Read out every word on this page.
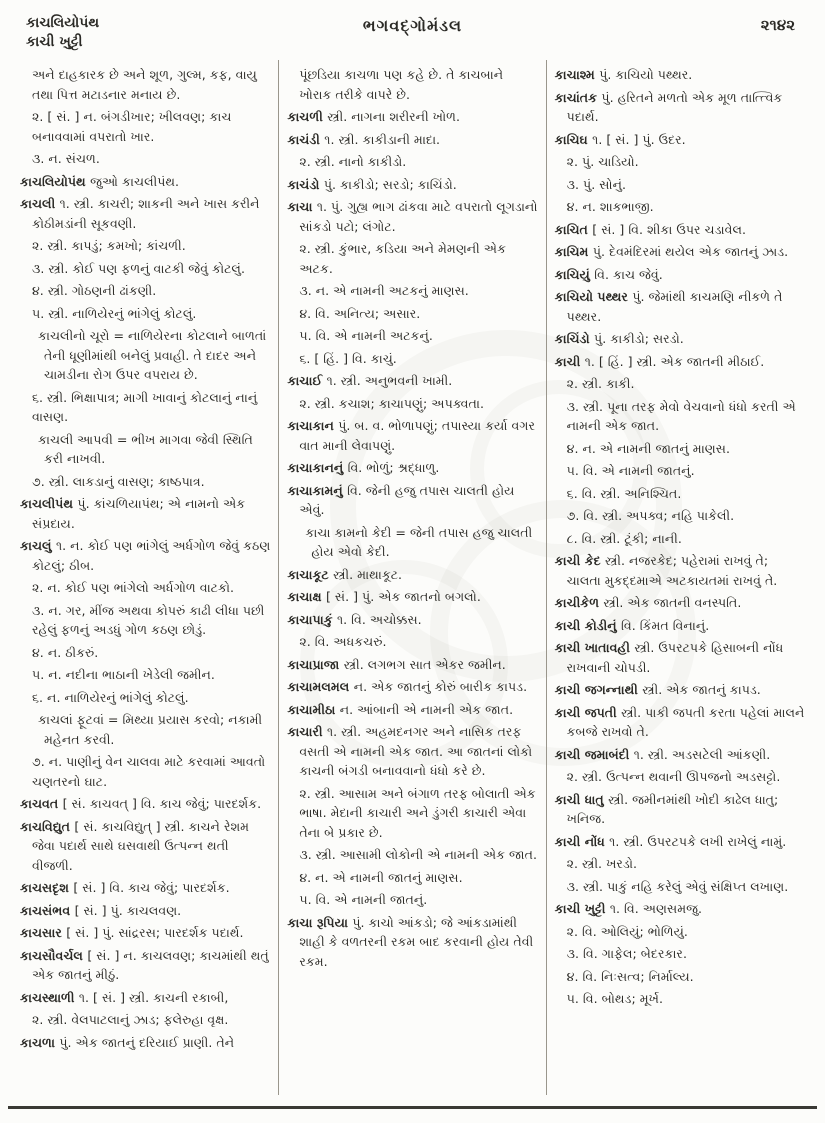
કાચલિયોપંથ
કાચી ખુટ્ટી
ભગવદ્ગોમંડલ	૨૧૪૨

અને દાહકારક છે અને શૂળ, ગુલ્મ, કફ, વાયુ તથા પિત્ત મટાડનાર મનાય છે.

૨. [ સં. ] ન. બંગડીખાર; ખીલવણ; કાચ બનાવવામાં વપરાતો ખાર.

૩. ન. સંચળ.

કાચલિયોપંથ જુઓ કાચલીપંથ.

કાચલી ૧. સ્ત્રી. કાચરી; શાકની અને ખાસ કરીને કોઠીમડાંની સૂકવણી.

૨. સ્ત્રી. કાપડું; કમખો; કાંચળી.

૩. સ્ત્રી. કોઈ પણ ફળનું વાટકી જેવું કોટલું.

૪. સ્ત્રી. ગોઠણની ઢાંકણી.

૫. સ્ત્રી. નાળિયેરનું ભાંગેલું કોટલું.

કાચલીનો ચૂરો = નાળિયેરના કોટલાને બાળતાં તેની ધૂણીમાંથી બનેલું પ્રવાહી. તે દાદર અને ચામડીના રોગ ઉપર વપરાય છે.

૬. સ્ત્રી. ભિક્ષાપાત્ર; માગી ખાવાનું કોટલાનું નાનું વાસણ.

કાચલી આપવી = ભીખ માગવા જેવી સ્થિતિ કરી નાખવી.

૭. સ્ત્રી. લાકડાનું વાસણ; કાષ્ઠપાત્ર.

કાચલીપંથ પું. કાંચળિયાપંથ; એ નામનો એક સંપ્રદાય.

કાચલું ૧. ન. કોઈ પણ ભાંગેલું અર્ધગોળ જેવું કઠણ કોટલું; ઠીબ.

૨. ન. કોઈ પણ ભાંગેલો અર્ધગોળ વાટકો.

૩. ન. ગર, મીંજ અથવા કોપરું કાઢી લીધા પછી રહેલું ફળનું અડધું ગોળ કઠણ છોડું.

૪. ન. ઠીકરું.

૫. ન. નદીના ભાઠાની ખેડેલી જમીન.

૬. ન. નાળિયેરનું ભાંગેલું કોટલું.

કાચલાં ફૂટવાં = મિથ્યા પ્રયાસ કરવો; નકામી મહેનત કરવી.

૭. ન. પાણીનું વેન ચાલવા માટે કરવામાં આવતો ચણતરનો ઘાટ.

કાચવત [ સં. કાચવત્ ] વિ. કાચ જેવું; પારદર્શક.

કાચવિદ્યુત [ સં. કાચવિદ્યુત્ ] સ્ત્રી. કાચને રેશમ જેવા પદાર્થ સાથે ઘસવાથી ઉત્પન્ન થતી વીજળી.

કાચસદૃશ [ સં. ] વિ. કાચ જેવું; પારદર્શક.

કાચસંભવ [ સં. ] પું. કાચલવણ.

કાચસાર [ સં. ] પું. સાંદ્રરસ; પારદર્શક પદાર્થ.

કાચસૌવર્ચલ [ સં. ] ન. કાચલવણ; કાચમાંથી થતું એક જાતનું મીઠું.

કાચસ્થાળી ૧. [ સં. ] સ્ત્રી. કાચની રકાબી,

૨. સ્ત્રી. વેલપાટલાનું ઝાડ; ફલેરુહા વૃક્ષ.

કાચળા પું. એક જાતનું દરિયાઈ પ્રાણી. તેને

પૂંછડિયા કાચળા પણ કહે છે. તે કાચબાને ખોરાક તરીકે વાપરે છે.

કાચળી સ્ત્રી. નાગના શરીરની ખોળ.

કાચંડી ૧. સ્ત્રી. કાકીડાની માદા.

૨. સ્ત્રી. નાનો કાકીડો.

કાચંડો પું. કાકીડો; સરડો; કાચિંડો.

કાચા ૧. પું. ગુહ્ય ભાગ ઢાંકવા માટે વપરાતો લૂગડાનો સાંકડો પટો; લંગોટ.

૨. સ્ત્રી. કુંભાર, કડિયા અને મેમણની એક અટક.

૩. ન. એ નામની અટકનું માણસ.

૪. વિ. અનિત્ય; અસાર.

૫. વિ. એ નામની અટકનું.

૬. [ હિં. ] વિ. કાચું.

કાચાઈ ૧. સ્ત્રી. અનુભવની ખામી.

૨. સ્ત્રી. કચાશ; કાચાપણું; અપક્વતા.

કાચાકાન પું. બ. વ. ભોળાપણું; તપાસ્યા કર્યા વગર વાત માની લેવાપણું.

કાચાકાનનું વિ. ભોળું; શ્રદ્ધાળુ.

કાચાકામનું વિ. જેની હજુ તપાસ ચાલતી હોય એવું.

કાચા કામનો કેદી = જેની તપાસ હજુ ચાલતી હોય એવો કેદી.

કાચાકૂટ સ્ત્રી. માથાકૂટ.

કાચાક્ષ [ સં. ] પું. એક જાતનો બગલો.

કાચાપાકું ૧. વિ. અચોક્કસ.

૨. વિ. અધકચરું.

કાચાપ્રાજા સ્ત્રી. લગભગ સાત એકર જમીન.

કાચામલમલ ન. એક જાતનું કોરું બારીક કાપડ.

કાચામીઠા ન. આંબાની એ નામની એક જાત.

કાચારી ૧. સ્ત્રી. અહમદનગર અને નાસિક તરફ વસતી એ નામની એક જાત. આ જાતનાં લોકો કાચની બંગડી બનાવવાનો ધંધો કરે છે.

૨. સ્ત્રી. આસામ અને બંગાળ તરફ બોલાતી એક ભાષા. મેદાની કાચારી અને ડુંગરી કાચારી એવા તેના બે પ્રકાર છે.

૩. સ્ત્રી. આસામી લોકોની એ નામની એક જાત.

૪. ન. એ નામની જાતનું માણસ.

૫. વિ. એ નામની જાતનું.

કાચા રૂપિયા પું. કાચો આંકડો; જે આંકડામાંથી શાહી કે વળતરની રકમ બાદ કરવાની હોય તેવી રકમ.

કાચાશ્મ પું. કાચિયો પથ્થર.

કાચાંતક પું. હરિતને મળતો એક મૂળ તાત્ત્વિક પદાર્થ.

કાચિઘ ૧. [ સં. ] પું. ઉદર.

૨. પું. ચાડિયો.

૩. પું. સોનું.

૪. ન. શાકભાજી.

કાચિત [ સં. ] વિ. શીકા ઉપર ચડાવેલ.

કાચિમ પું. દેવમંદિરમાં થયેલ એક જાતનું ઝાડ.

કાચિયું વિ. કાચ જેવું.

કાચિયો પથ્થર પું. જેમાંથી કાચમણિ નીકળે તે પથ્થર.

કાચિંડો પું. કાકીડો; સરડો.

કાચી ૧. [ હિં. ] સ્ત્રી. એક જાતની મીઠાઈ.

૨. સ્ત્રી. કાકી.

૩. સ્ત્રી. પૂના તરફ મેવો વેચવાનો ધંધો કરતી એ નામની એક જાત.

૪. ન. એ નામની જાતનું માણસ.

૫. વિ. એ નામની જાતનું.

૬. વિ. સ્ત્રી. અનિશ્ચિત.

૭. વિ. સ્ત્રી. અપક્વ; નહિ પાકેલી.

૮. વિ. સ્ત્રી. ટૂંકી; નાની.

કાચી કેદ સ્ત્રી. નજરકેદ; પહેરામાં રાખવું તે; ચાલતા મુકદ્દમાએ અટકાયતમાં રાખવું તે.

કાચીકેળ સ્ત્રી. એક જાતની વનસ્પતિ.

કાચી કોડીનું વિ. કિંમત વિનાનું.

કાચી ખાતાવહી સ્ત્રી. ઉપરટપકે હિસાબની નોંધ રાખવાની ચોપડી.

કાચી જગન્નાથી સ્ત્રી. એક જાતનું કાપડ.

કાચી જપતી સ્ત્રી. પાકી જપતી કરતા પહેલાં માલને કબજે રાખવો તે.

કાચી જમાબંદી ૧. સ્ત્રી. અડસટેલી આંકણી.

૨. સ્ત્રી. ઉત્પન્ન થવાની ઊપજનો અડસટ્ટો.

કાચી ધાતુ સ્ત્રી. જમીનમાંથી ખોદી કાઢેલ ધાતુ; ખનિજ.

કાચી નોંધ ૧. સ્ત્રી. ઉપરટપકે લખી રાખેલું નામું.

૨. સ્ત્રી. ખરડો.

૩. સ્ત્રી. પાકું નહિ કરેલું એવું સંક્ષિપ્ત લખાણ.

કાચી ખુટ્ટી ૧. વિ. અણસમજુ.

૨. વિ. ઓલિયું; ભોળિયું.

૩. વિ. ગાફેલ; બેદરકાર.

૪. વિ. નિઃસત્વ; નિર્માલ્ય.

૫. વિ. બોથડ; મૂર્ખ.
